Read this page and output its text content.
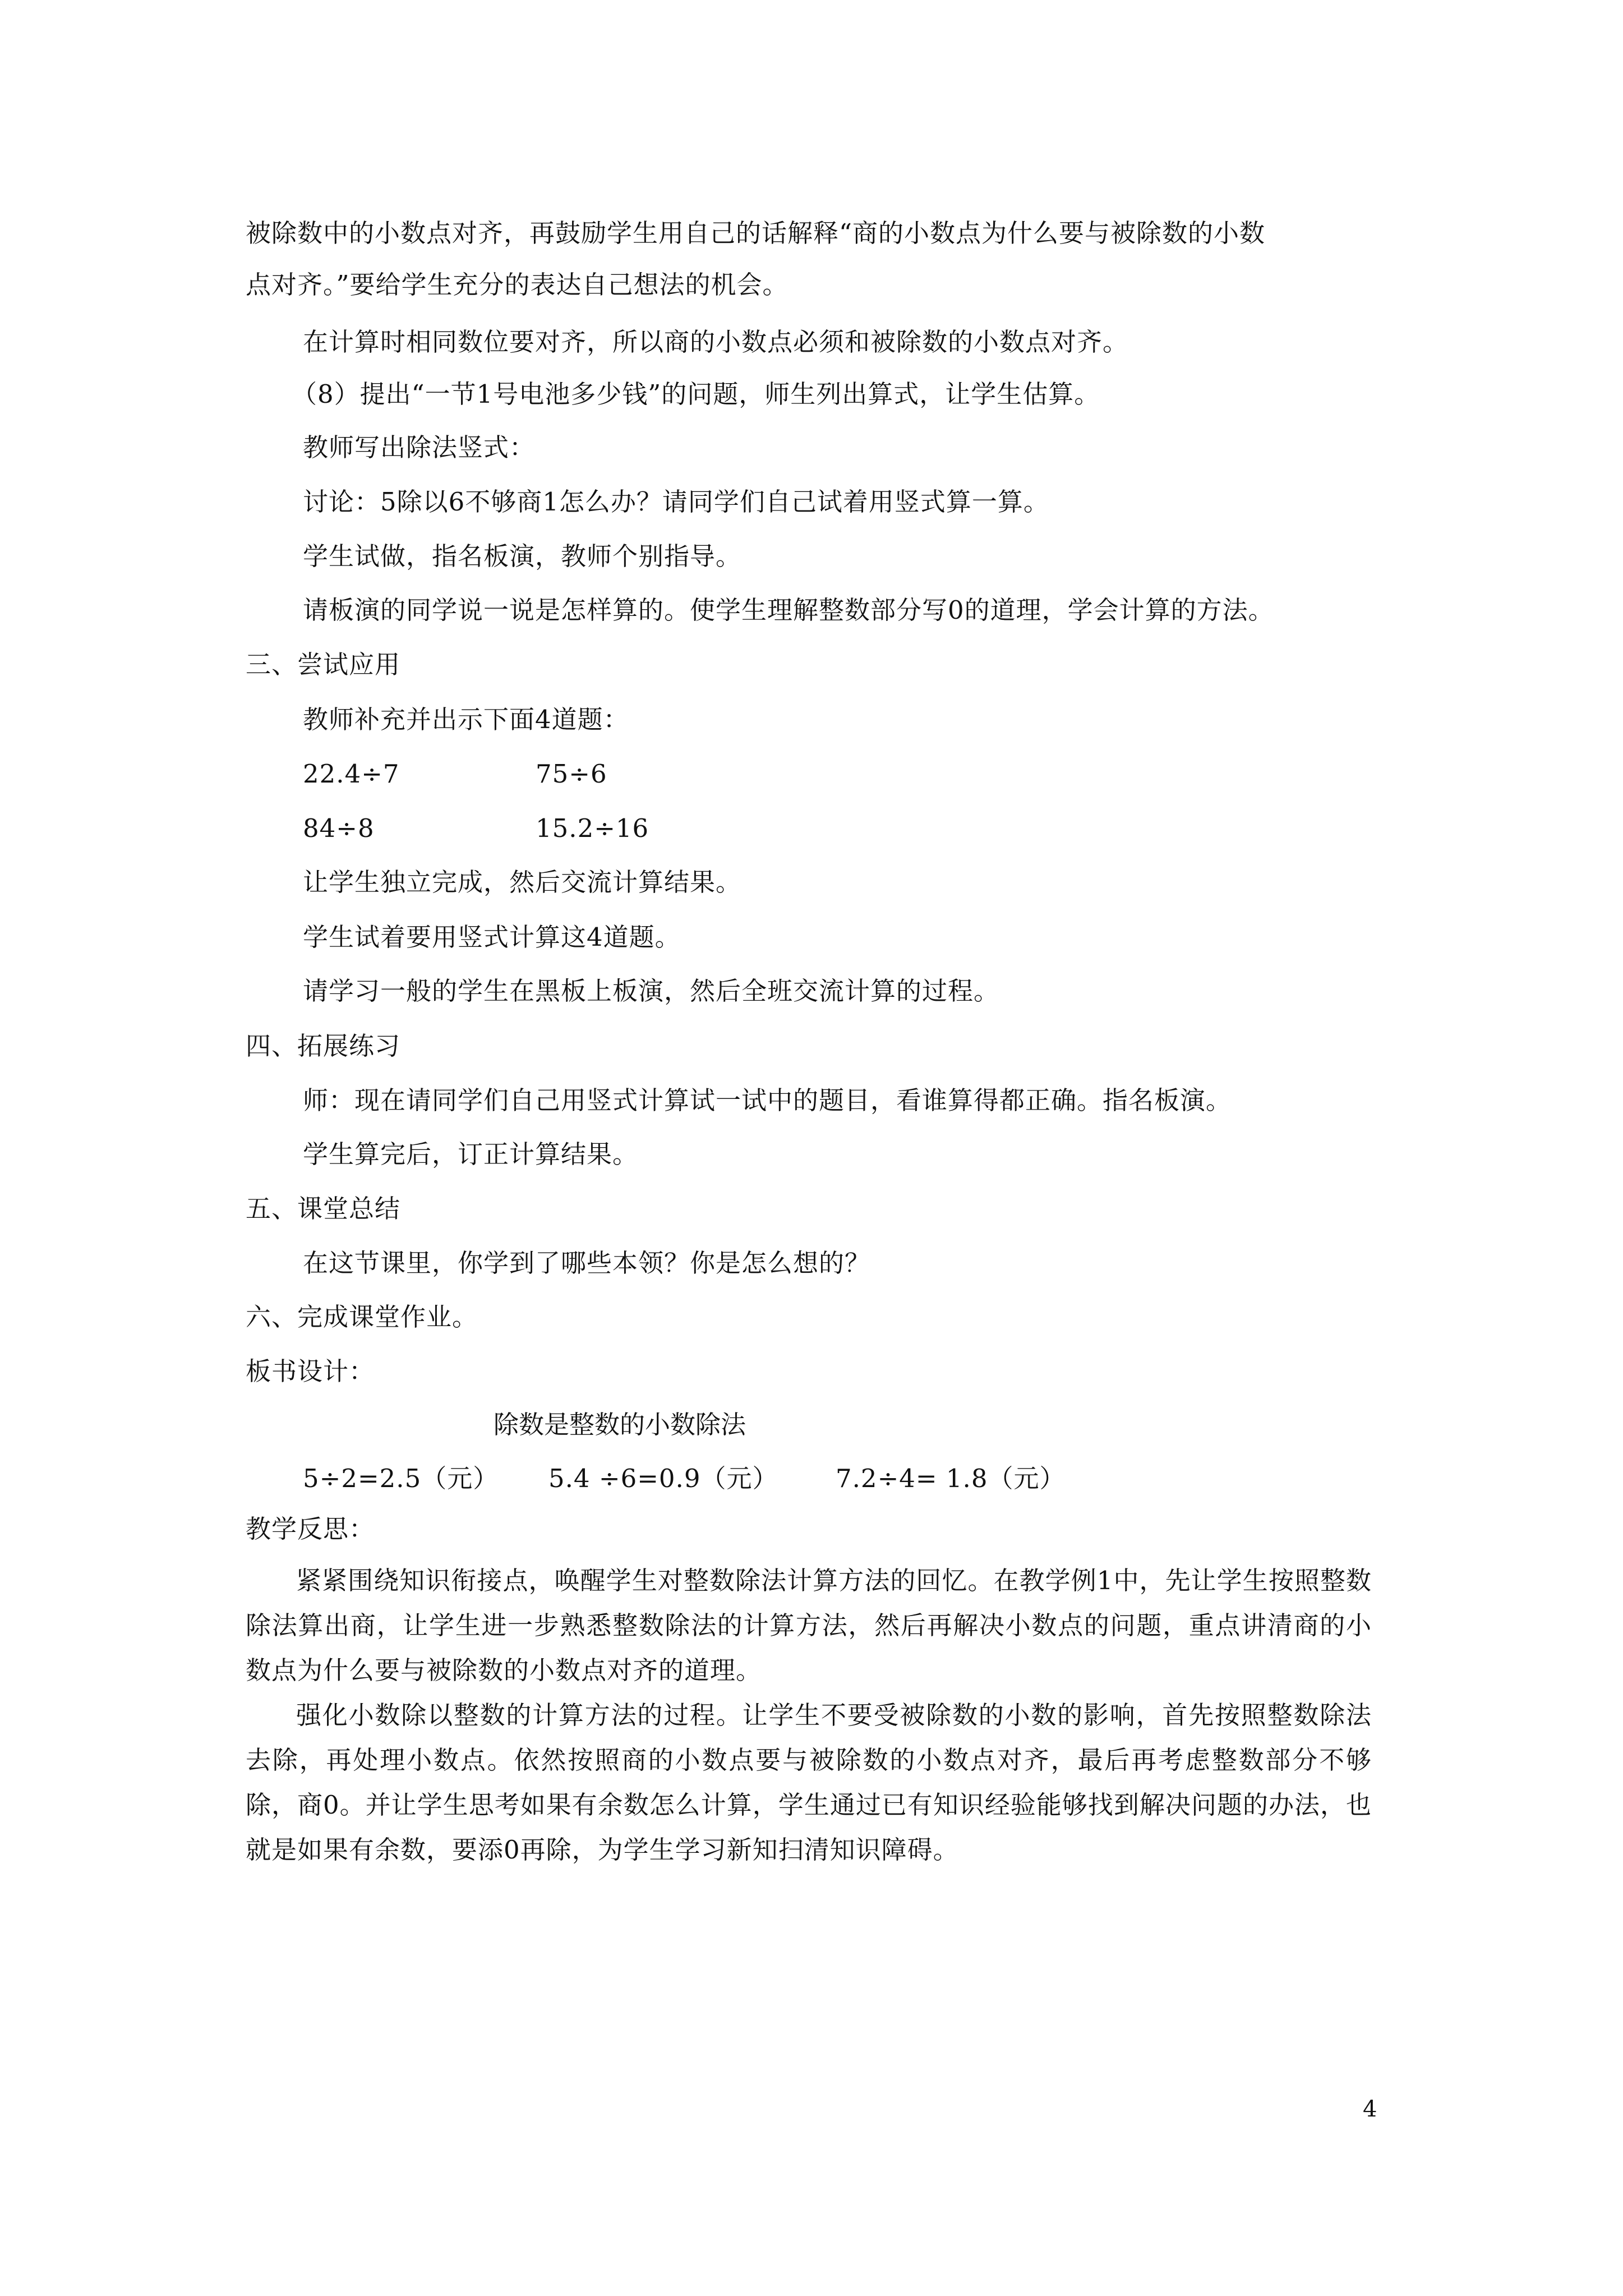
被除数中的小数点对齐，再鼓励学生用自己的话解释“商的小数点为什么要与被除数的小数
点对齐。”要给学生充分的表达自己想法的机会。
在计算时相同数位要对齐，所以商的小数点必须和被除数的小数点对齐。
（8）提出“一节1号电池多少钱”的问题，师生列出算式，让学生估算。
教师写出除法竖式：
讨论：5除以6不够商1怎么办？请同学们自己试着用竖式算一算。
学生试做，指名板演，教师个别指导。
请板演的同学说一说是怎样算的。使学生理解整数部分写0的道理，学会计算的方法。
三、尝试应用
教师补充并出示下面4道题：
22.4÷7	75÷6
84÷8	15.2÷16
让学生独立完成，然后交流计算结果。
学生试着要用竖式计算这4道题。
请学习一般的学生在黑板上板演，然后全班交流计算的过程。
四、拓展练习
师：现在请同学们自己用竖式计算试一试中的题目，看谁算得都正确。指名板演。
学生算完后，订正计算结果。
五、课堂总结
在这节课里，你学到了哪些本领？你是怎么想的？
六、完成课堂作业。
板书设计：
除数是整数的小数除法
5÷2=2.5（元） 5.4 ÷6=0.9（元） 7.2÷4= 1.8（元）
教学反思：

紧紧围绕知识衔接点，唤醒学生对整数除法计算方法的回忆。在教学例1中，先让学生按照整数除法算出商，让学生进一步熟悉整数除法的计算方法，然后再解决小数点的问题，重点讲清商的小数点为什么要与被除数的小数点对齐的道理。

强化小数除以整数的计算方法的过程。让学生不要受被除数的小数的影响，首先按照整数除法去除，再处理小数点。依然按照商的小数点要与被除数的小数点对齐，最后再考虑整数部分不够除，商0。并让学生思考如果有余数怎么计算，学生通过已有知识经验能够找到解决问题的办法，也就是如果有余数，要添0再除，为学生学习新知扫清知识障碍。

4
